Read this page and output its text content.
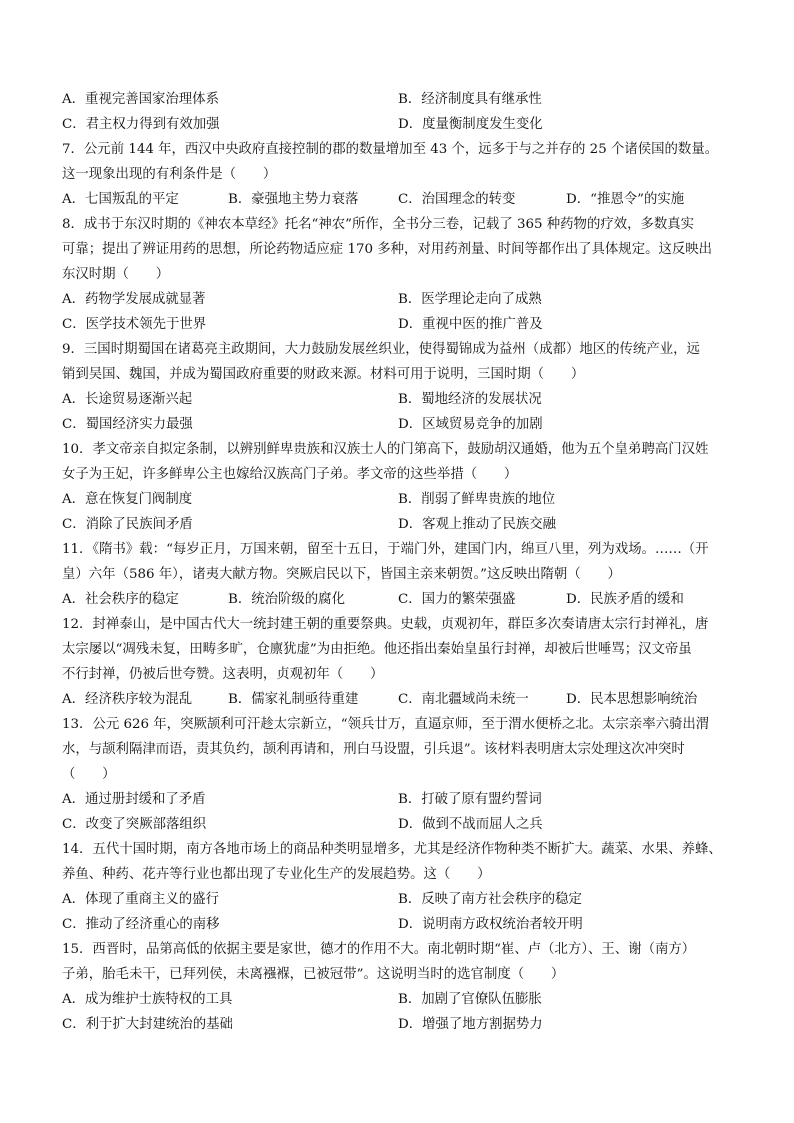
A．重视完善国家治理体系	B．经济制度具有继承性
C．君主权力得到有效加强	D．度量衡制度发生变化
7．公元前 144 年，西汉中央政府直接控制的郡的数量增加至 43 个，远多于与之并存的 25 个诸侯国的数量。
这一现象出现的有利条件是（　　）
A．七国叛乱的平定	B．豪强地主势力衰落	C．治国理念的转变	D．“推恩令”的实施
8．成书于东汉时期的《神农本草经》托名“神农”所作，全书分三卷，记载了 365 种药物的疗效，多数真实
可靠；提出了辨证用药的思想，所论药物适应症 170 多种，对用药剂量、时间等都作出了具体规定。这反映出
东汉时期（　　）
A．药物学发展成就显著	B．医学理论走向了成熟
C．医学技术领先于世界	D．重视中医的推广普及
9．三国时期蜀国在诸葛亮主政期间，大力鼓励发展丝织业，使得蜀锦成为益州（成都）地区的传统产业，远
销到吴国、魏国，并成为蜀国政府重要的财政来源。材料可用于说明，三国时期（　　）
A．长途贸易逐渐兴起	B．蜀地经济的发展状况
C．蜀国经济实力最强	D．区域贸易竞争的加剧
10．孝文帝亲自拟定条制，以辨别鲜卑贵族和汉族士人的门第高下，鼓励胡汉通婚，他为五个皇弟聘高门汉姓
女子为王妃，许多鲜卑公主也嫁给汉族高门子弟。孝文帝的这些举措（　　）
A．意在恢复门阀制度	B．削弱了鲜卑贵族的地位
C．消除了民族间矛盾	D．客观上推动了民族交融
11．《隋书》载：“每岁正月，万国来朝，留至十五日，于端门外，建国门内，绵亘八里，列为戏场。……（开
皇）六年（586 年），诸夷大献方物。突厥启民以下，皆国主亲来朝贺。”这反映出隋朝（　　）
A．社会秩序的稳定	B．统治阶级的腐化	C．国力的繁荣强盛	D．民族矛盾的缓和
12．封禅泰山，是中国古代大一统封建王朝的重要祭典。史载，贞观初年，群臣多次奏请唐太宗行封禅礼，唐
太宗屡以“凋残未复，田畴多旷，仓廪犹虚”为由拒绝。他还指出秦始皇虽行封禅，却被后世唾骂；汉文帝虽
不行封禅，仍被后世夸赞。这表明，贞观初年（　　）
A．经济秩序较为混乱	B．儒家礼制亟待重建	C．南北疆域尚未统一	D．民本思想影响统治
13．公元 626 年，突厥颉利可汗趁太宗新立，“领兵廿万，直逼京师，至于渭水便桥之北。太宗亲率六骑出渭
水，与颉利隔津而语，责其负约，颉利再请和，刑白马设盟，引兵退”。该材料表明唐太宗处理这次冲突时
（　　）
A．通过册封缓和了矛盾	B．打破了原有盟约誓词
C．改变了突厥部落组织	D．做到不战而屈人之兵
14．五代十国时期，南方各地市场上的商品种类明显增多，尤其是经济作物种类不断扩大。蔬菜、水果、养蜂、
养鱼、种药、花卉等行业也都出现了专业化生产的发展趋势。这（　　）
A．体现了重商主义的盛行	B．反映了南方社会秩序的稳定
C．推动了经济重心的南移	D．说明南方政权统治者较开明
15．西晋时，品第高低的依据主要是家世，德才的作用不大。南北朝时期“崔、卢（北方）、王、谢（南方）
子弟，胎毛未干，已拜列侯，未离襁褓，已被冠带”。这说明当时的选官制度（　　）
A．成为维护士族特权的工具	B．加剧了官僚队伍膨胀
C．利于扩大封建统治的基础	D．增强了地方割据势力
